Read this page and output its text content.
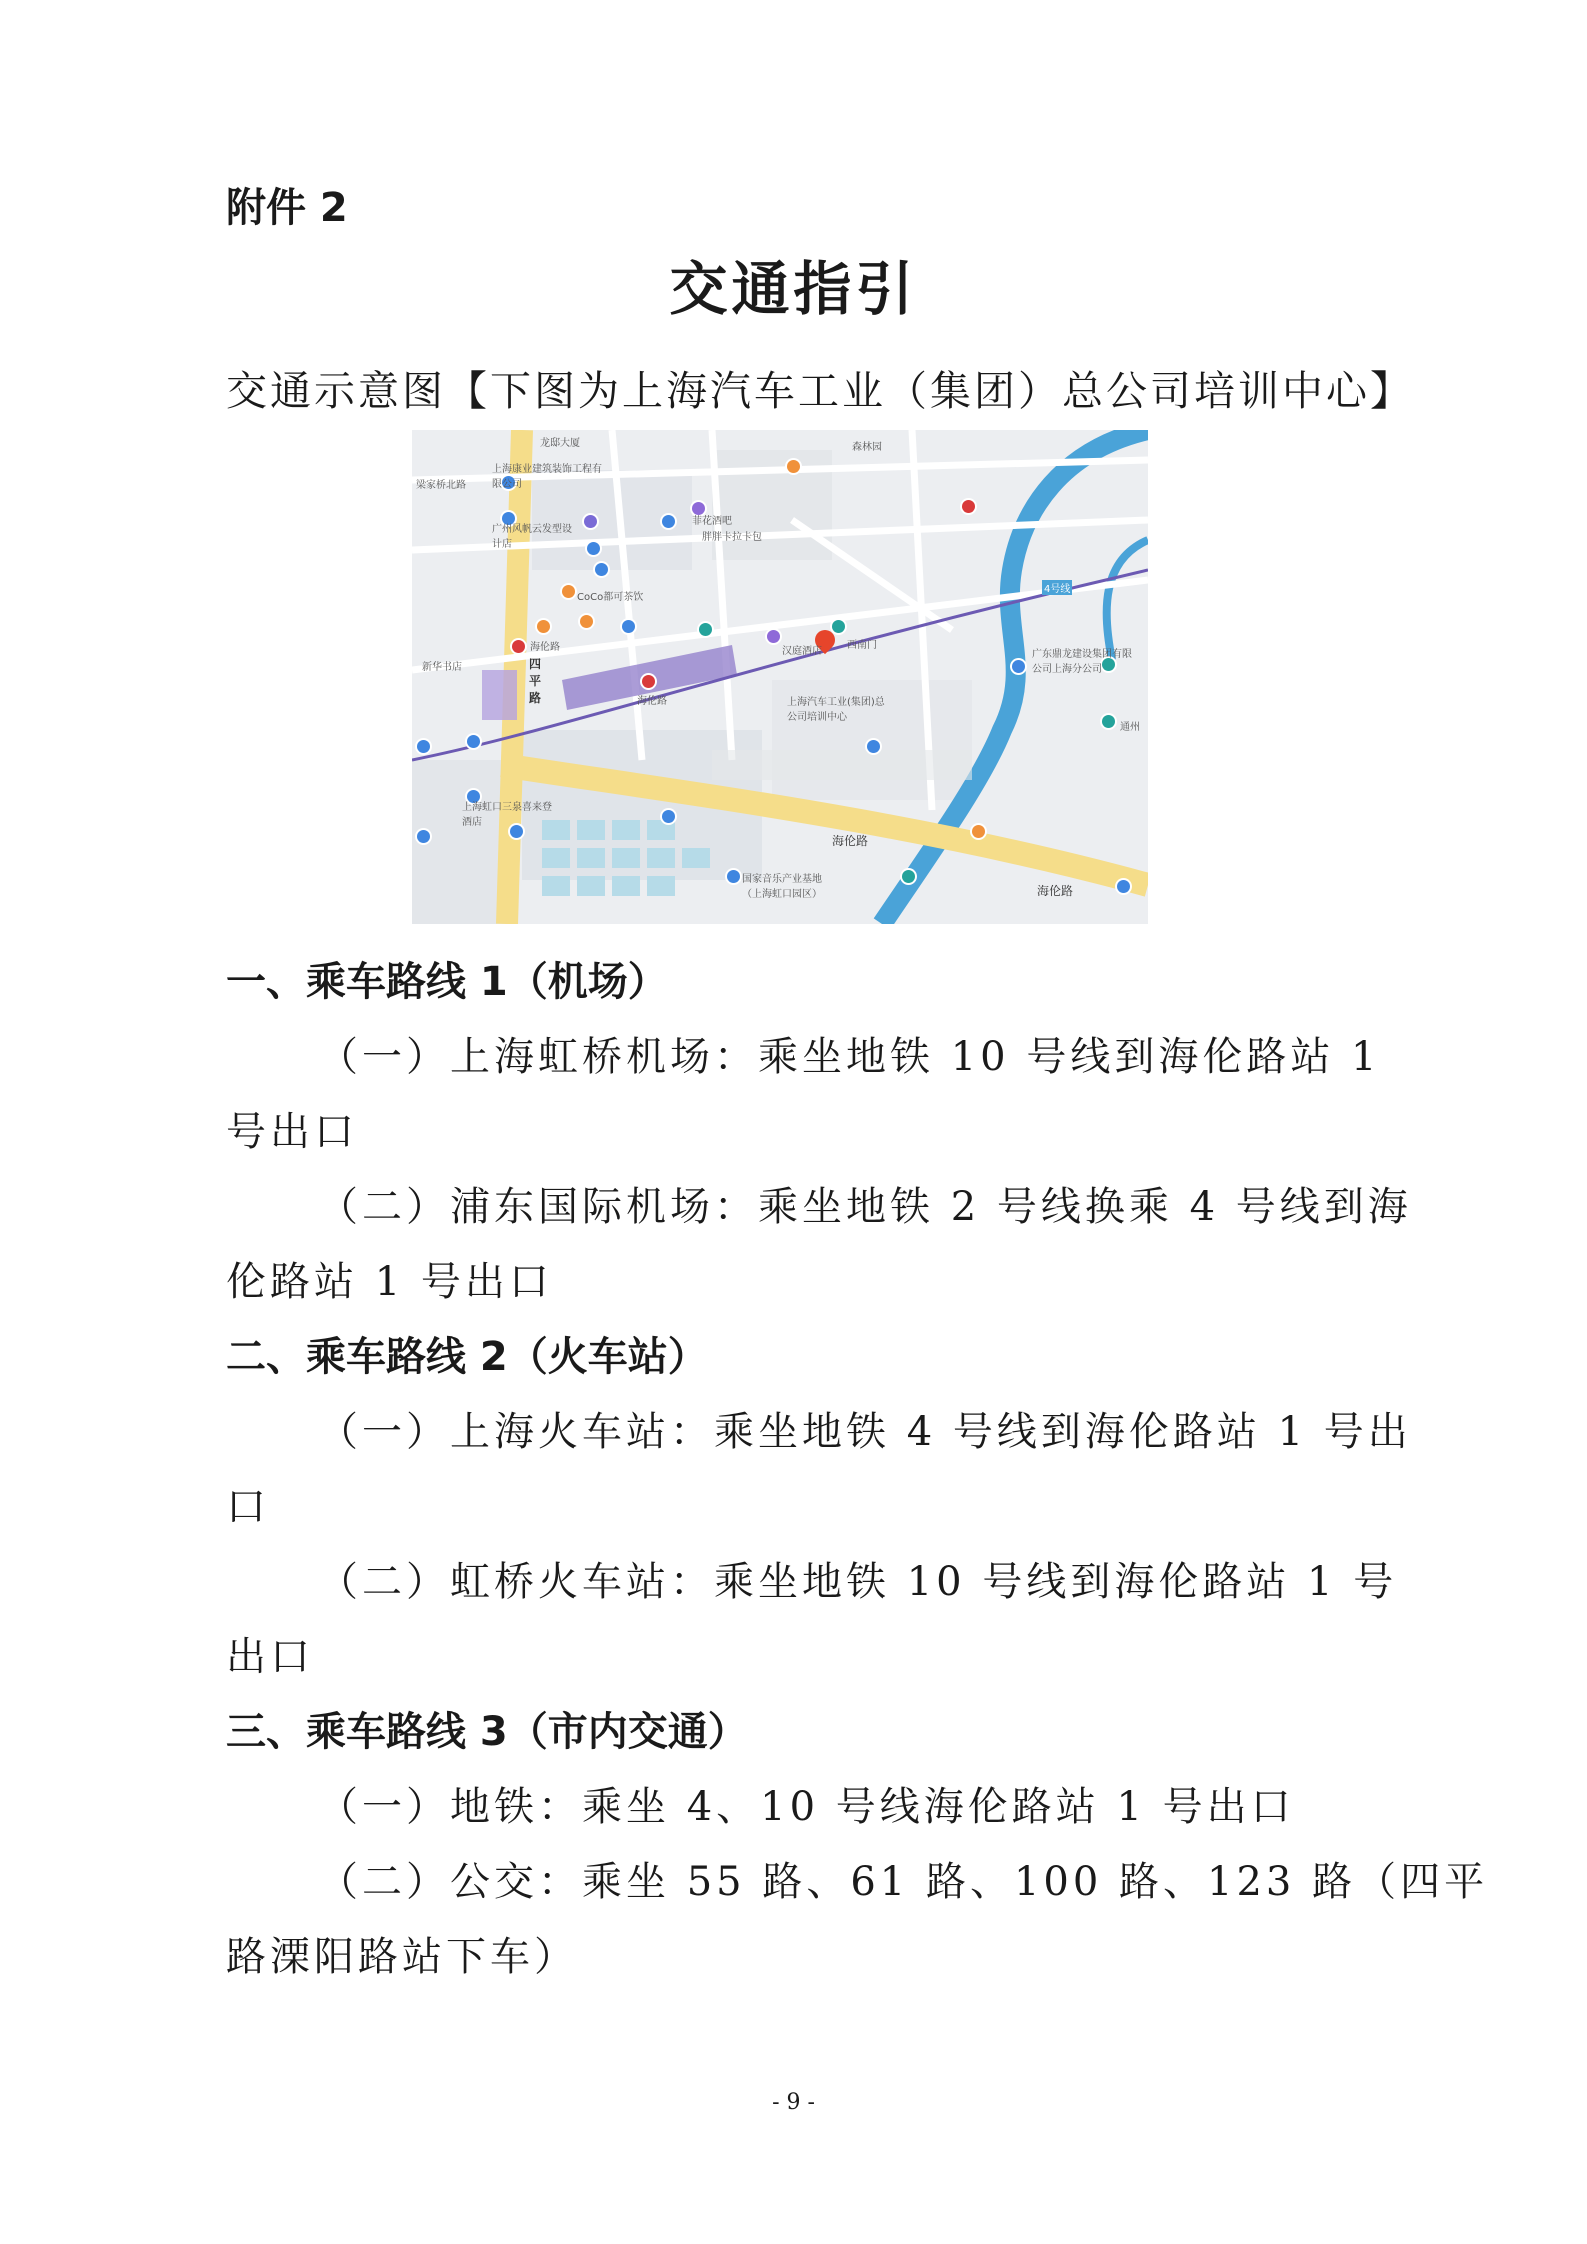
附件 2
交通指引
交通示意图【下图为上海汽车工业（集团）总公司培训中心】
龙邸大厦
梁家桥北路
上海康业建筑装饰工程有限公司
广州风帆云发型设计店
菲花酒吧
胖胖卡拉卡包
CoCo都可茶饮
海伦路
四平路
新华书店
海伦路
西南门
汉庭酒店
上海汽车工业(集团)总公司培训中心
广东鼎龙建设集团有限公司上海分公司
通州
海伦路
海伦路
国家音乐产业基地（上海虹口园区）
上海虹口三泉喜来登酒店
森林园
4号线
一、乘车路线 1（机场）
（一）上海虹桥机场：乘坐地铁 10 号线到海伦路站 1
号出口
（二）浦东国际机场：乘坐地铁 2 号线换乘 4 号线到海
伦路站 1 号出口
二、乘车路线 2（火车站）
（一）上海火车站：乘坐地铁 4 号线到海伦路站 1 号出
口
（二）虹桥火车站：乘坐地铁 10 号线到海伦路站 1 号
出口
三、乘车路线 3（市内交通）
（一）地铁：乘坐 4、10 号线海伦路站 1 号出口
（二）公交：乘坐 55 路、61 路、100 路、123 路（四平
路溧阳路站下车）
- 9 -
